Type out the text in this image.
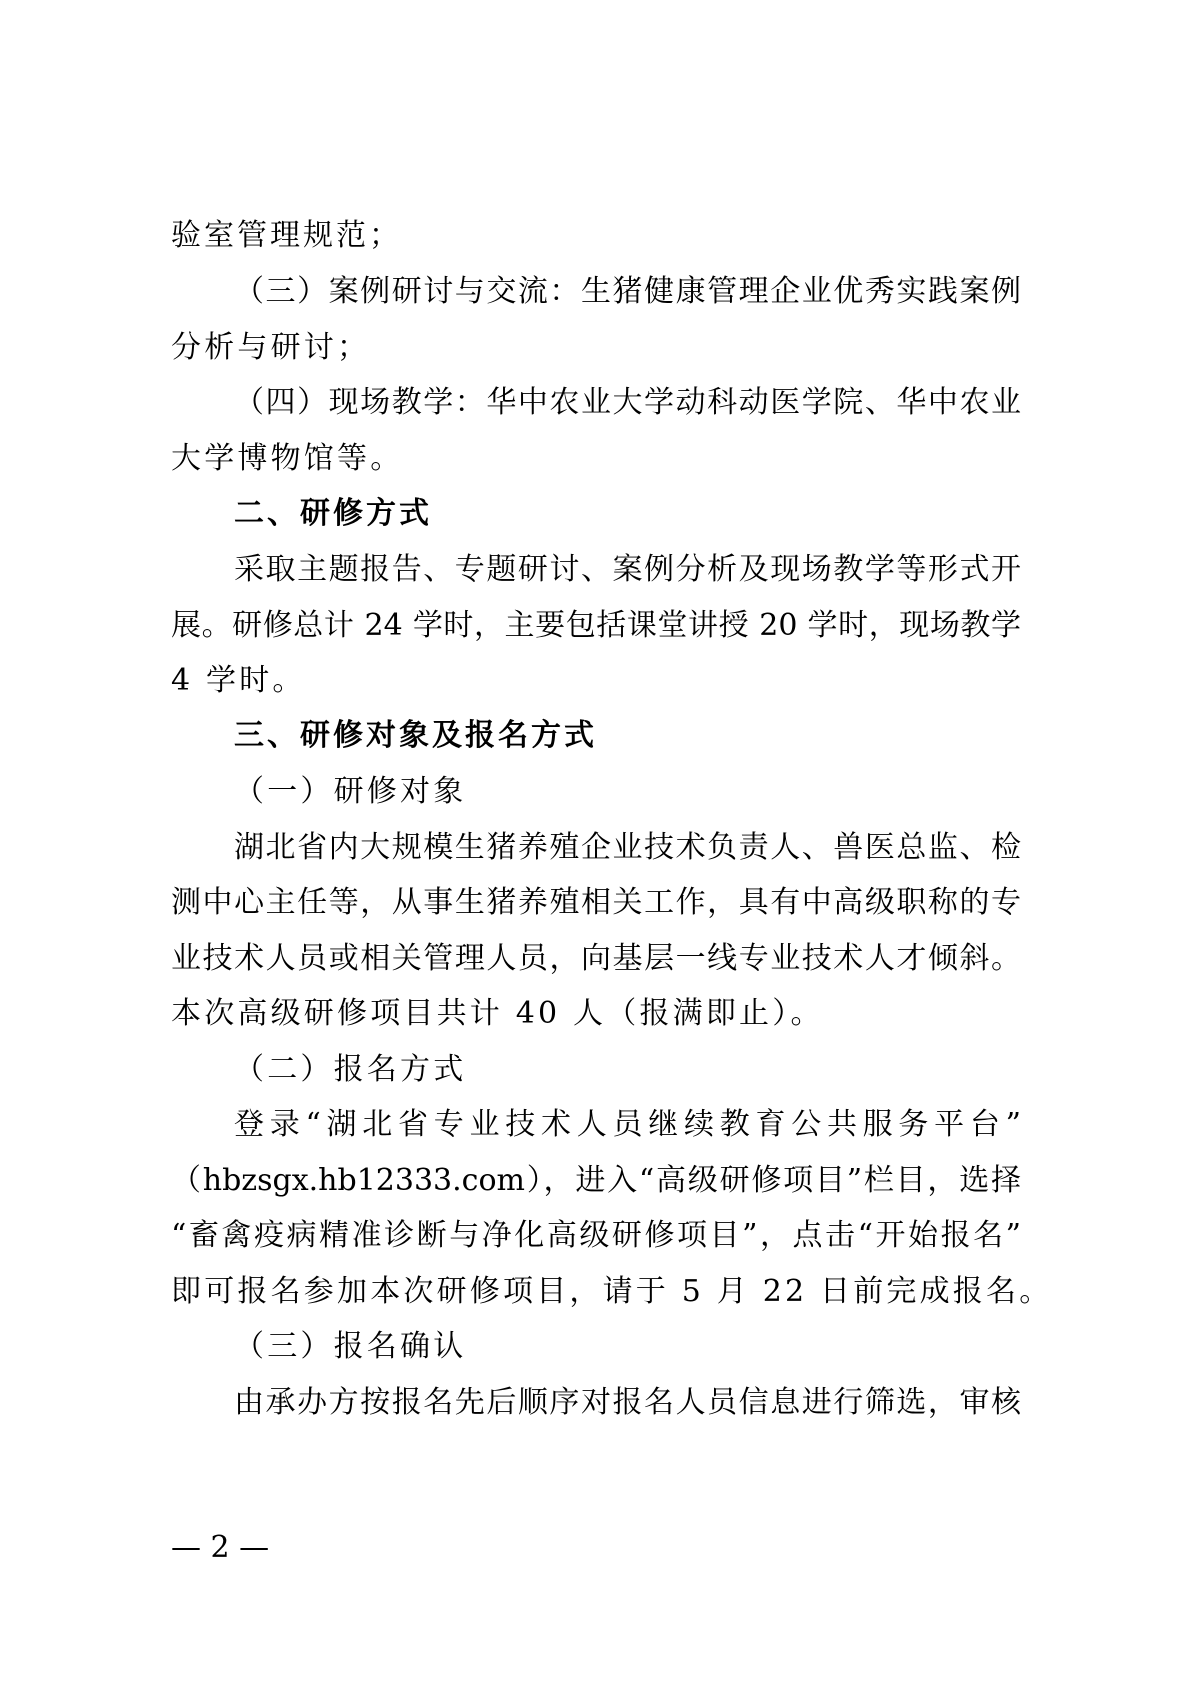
验室管理规范；
（三）案例研讨与交流：生猪健康管理企业优秀实践案例
分析与研讨；
（四）现场教学：华中农业大学动科动医学院、华中农业
大学博物馆等。
二、研修方式
采取主题报告、专题研讨、案例分析及现场教学等形式开
展。研修总计 24 学时，主要包括课堂讲授 20 学时，现场教学
4 学时。
三、研修对象及报名方式
（一）研修对象
湖北省内大规模生猪养殖企业技术负责人、兽医总监、检
测中心主任等，从事生猪养殖相关工作，具有中高级职称的专
业技术人员或相关管理人员，向基层一线专业技术人才倾斜。
本次高级研修项目共计 40 人（报满即止）。
（二）报名方式
登录“湖北省专业技术人员继续教育公共服务平台”
（hbzsgx.hb12333.com），进入“高级研修项目”栏目，选择
“畜禽疫病精准诊断与净化高级研修项目”，点击“开始报名”
即可报名参加本次研修项目，请于 5 月 22 日前完成报名。
（三）报名确认
由承办方按报名先后顺序对报名人员信息进行筛选，审核
— 2 —
